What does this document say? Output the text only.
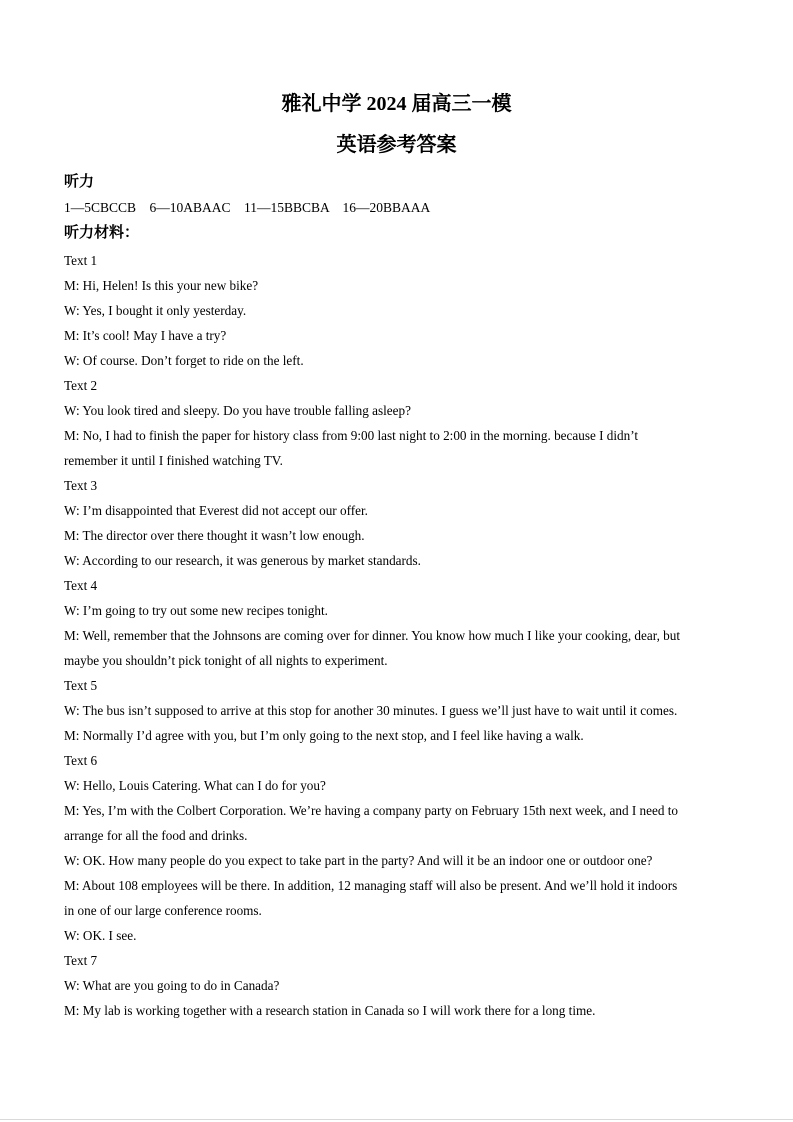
雅礼中学 2024 届高三一模
英语参考答案
听力
1—5CBCCB    6—10ABAAC    11—15BBCBA    16—20BBAAA
听力材料：
Text 1
M: Hi, Helen! Is this your new bike?
W: Yes, I bought it only yesterday.
M: It’s cool! May I have a try?
W: Of course. Don’t forget to ride on the left.
Text 2
W: You look tired and sleepy. Do you have trouble falling asleep?
M: No, I had to finish the paper for history class from 9:00 last night to 2:00 in the morning. because I didn’t
remember it until I finished watching TV.
Text 3
W: I’m disappointed that Everest did not accept our offer.
M: The director over there thought it wasn’t low enough.
W: According to our research, it was generous by market standards.
Text 4
W: I’m going to try out some new recipes tonight.
M: Well, remember that the Johnsons are coming over for dinner. You know how much I like your cooking, dear, but
maybe you shouldn’t pick tonight of all nights to experiment.
Text 5
W: The bus isn’t supposed to arrive at this stop for another 30 minutes. I guess we’ll just have to wait until it comes.
M: Normally I’d agree with you, but I’m only going to the next stop, and I feel like having a walk.
Text 6
W: Hello, Louis Catering. What can I do for you?
M: Yes, I’m with the Colbert Corporation. We’re having a company party on February 15th next week, and I need to
arrange for all the food and drinks.
W: OK. How many people do you expect to take part in the party? And will it be an indoor one or outdoor one?
M: About 108 employees will be there. In addition, 12 managing staff will also be present. And we’ll hold it indoors
in one of our large conference rooms.
W: OK. I see.
Text 7
W: What are you going to do in Canada?
M: My lab is working together with a research station in Canada so I will work there for a long time.
